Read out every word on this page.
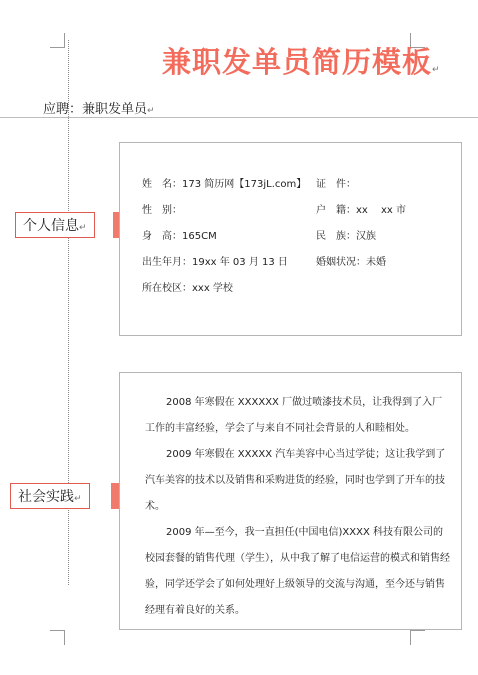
兼职发单员简历模板↵
应聘：兼职发单员↵
个人信息↵
姓　名：173 简历网【173jL.com】 证　件：
性　别：	户　籍：xx　 xx 市
身　高：165CM	民　族：汉族
出生年月：19xx 年 03 月 13 日	婚姻状况：未婚
所在校区：xxx 学校
社会实践↵

2008 年寒假在 XXXXXX 厂做过喷漆技术员，让我得到了入厂工作的丰富经验，学会了与来自不同社会背景的人和睦相处。

2009 年寒假在 XXXXX 汽车美容中心当过学徒；这让我学到了汽车美容的技术以及销售和采购进货的经验，同时也学到了开车的技术。

2009 年—至今，我一直担任(中国电信)XXXX 科技有限公司的校园套餐的销售代理（学生），从中我了解了电信运营的模式和销售经验，同学还学会了如何处理好上级领导的交流与沟通，至今还与销售经理有着良好的关系。
